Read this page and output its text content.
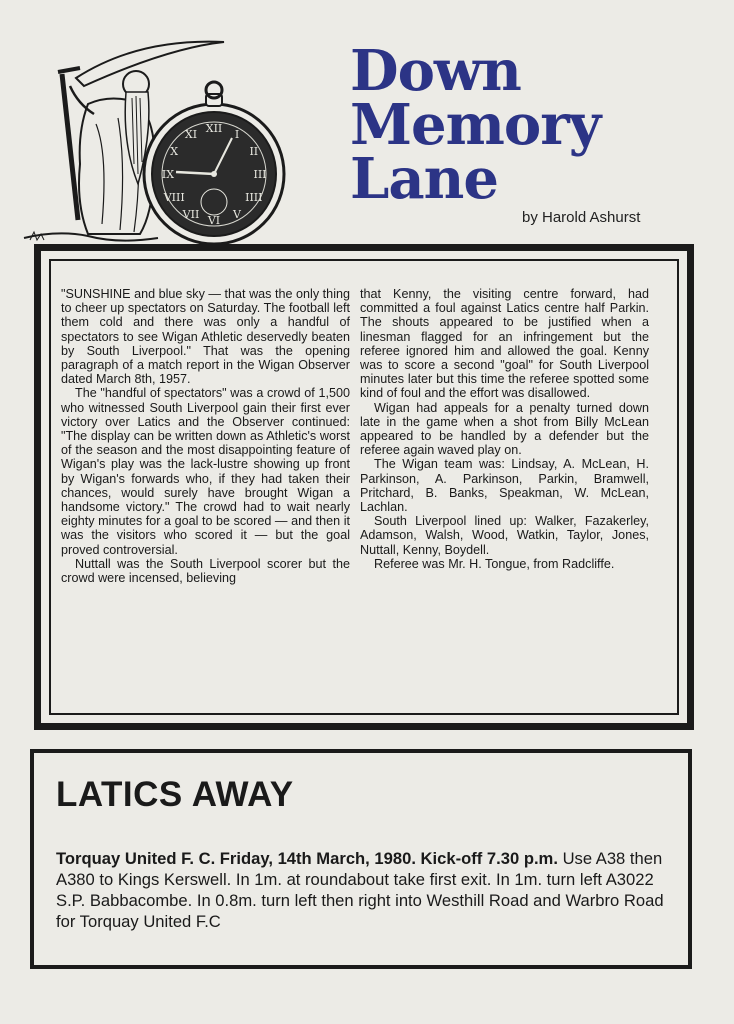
XII I
II
III
IIII
V
VI
VII
VIII
IX
X
XI
Down
Memory
Lane
by Harold Ashurst

"SUNSHINE and blue sky — that was the only thing to cheer up spectators on Saturday. The football left them cold and there was only a handful of spectators to see Wigan Athletic deservedly beaten by South Liverpool." That was the opening paragraph of a match report in the Wigan Observer dated March 8th, 1957.

The "handful of spectators" was a crowd of 1,500 who witnessed South Liverpool gain their first ever victory over Latics and the Observer continued: "The display can be written down as Athletic's worst of the season and the most disappointing feature of Wigan's play was the lack-lustre showing up front by Wigan's forwards who, if they had taken their chances, would surely have brought Wigan a handsome victory." The crowd had to wait nearly eighty minutes for a goal to be scored — and then it was the visitors who scored it — but the goal proved controversial.

Nuttall was the South Liverpool scorer but the crowd were incensed, believing

that Kenny, the visiting centre forward, had committed a foul against Latics centre half Parkin. The shouts appeared to be justified when a linesman flagged for an infringement but the referee ignored him and allowed the goal. Kenny was to score a second "goal" for South Liverpool minutes later but this time the referee spotted some kind of foul and the effort was disallowed.

Wigan had appeals for a penalty turned down late in the game when a shot from Billy McLean appeared to be handled by a defender but the referee again waved play on.

The Wigan team was: Lindsay, A. McLean, H. Parkinson, A. Parkinson, Parkin, Bramwell, Pritchard, B. Banks, Speakman, W. McLean, Lachlan.

South Liverpool lined up: Walker, Fazakerley, Adamson, Walsh, Wood, Watkin, Taylor, Jones, Nuttall, Kenny, Boydell.

Referee was Mr. H. Tongue, from Radcliffe.

LATICS AWAY
Torquay United F. C. Friday, 14th March, 1980. Kick-off 7.30 p.m. Use A38 then A380 to Kings Kerswell. In 1m. at roundabout take first exit. In 1m. turn left A3022 S.P. Babbacombe. In 0.8m. turn left then right into Westhill Road and Warbro Road for Torquay United F.C
